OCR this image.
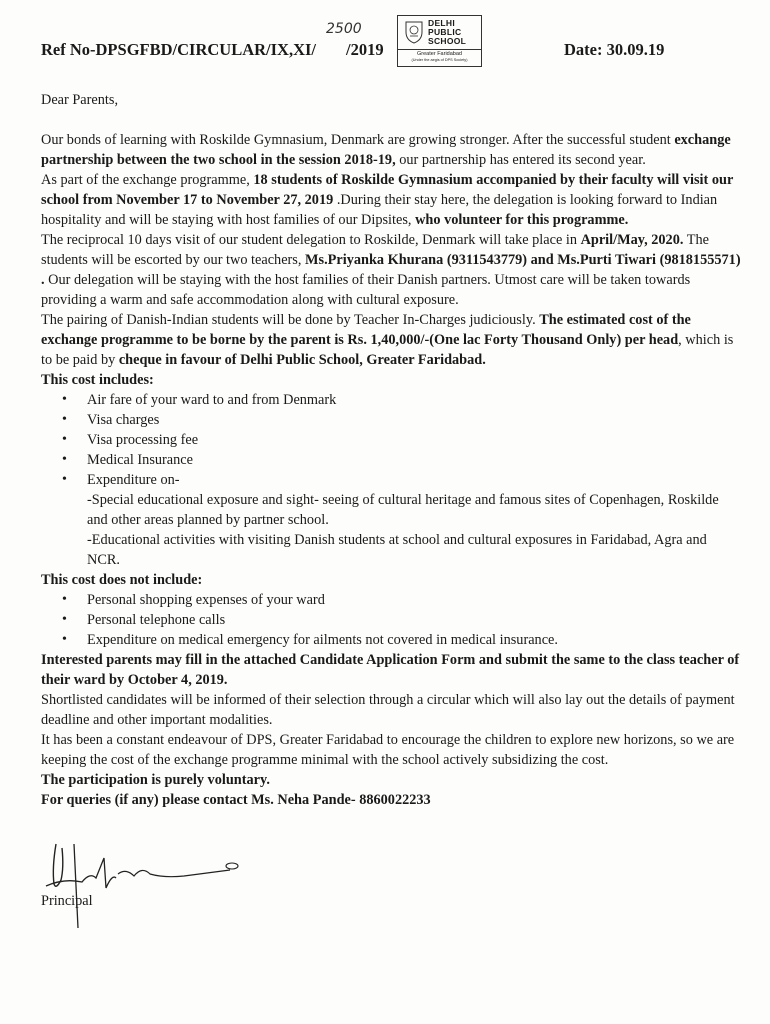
Ref No-DPSGFBD/CIRCULAR/IX,XI/ /2019
2500	DELHI
PUBLIC
SCHOOL
Greater Faridabad
(Under the aegis of DPS Society)
Date: 30.09.19

Dear Parents,

Our bonds of learning with Roskilde Gymnasium, Denmark are growing stronger. After the successful student exchange partnership between the two school in the session 2018-19, our partnership has entered its second year.

As part of the exchange programme, 18 students of Roskilde Gymnasium accompanied by their faculty will visit our school from November 17 to November 27, 2019 .During their stay here, the delegation is looking forward to Indian hospitality and will be staying with host families of our Dipsites, who volunteer for this programme.

The reciprocal 10 days visit of our student delegation to Roskilde, Denmark will take place in April/May, 2020. The students will be escorted by our two teachers, Ms.Priyanka Khurana (9311543779) and Ms.Purti Tiwari (9818155571) . Our delegation will be staying with the host families of their Danish partners. Utmost care will be taken towards providing a warm and safe accommodation along with cultural exposure.

The pairing of Danish-Indian students will be done by Teacher In-Charges judiciously. The estimated cost of the exchange programme to be borne by the parent is Rs. 1,40,000/-(One lac Forty Thousand Only) per head, which is to be paid by cheque in favour of Delhi Public School, Greater Faridabad.

This cost includes:

• Air fare of your ward to and from Denmark
• Visa charges
• Visa processing fee
• Medical Insurance
• Expenditure on-

-Special educational exposure and sight- seeing of cultural heritage and famous sites of Copenhagen, Roskilde and other areas planned by partner school.

-Educational activities with visiting Danish students at school and cultural exposures in Faridabad, Agra and NCR.

This cost does not include:

• Personal shopping expenses of your ward
• Personal telephone calls
• Expenditure on medical emergency for ailments not covered in medical insurance.

Interested parents may fill in the attached Candidate Application Form and submit the same to the class teacher of their ward by October 4, 2019.

Shortlisted candidates will be informed of their selection through a circular which will also lay out the details of payment deadline and other important modalities.

It has been a constant endeavour of DPS, Greater Faridabad to encourage the children to explore new horizons, so we are keeping the cost of the exchange programme minimal with the school actively subsidizing the cost.

The participation is purely voluntary.

For queries (if any) please contact Ms. Neha Pande- 8860022233

Principal
